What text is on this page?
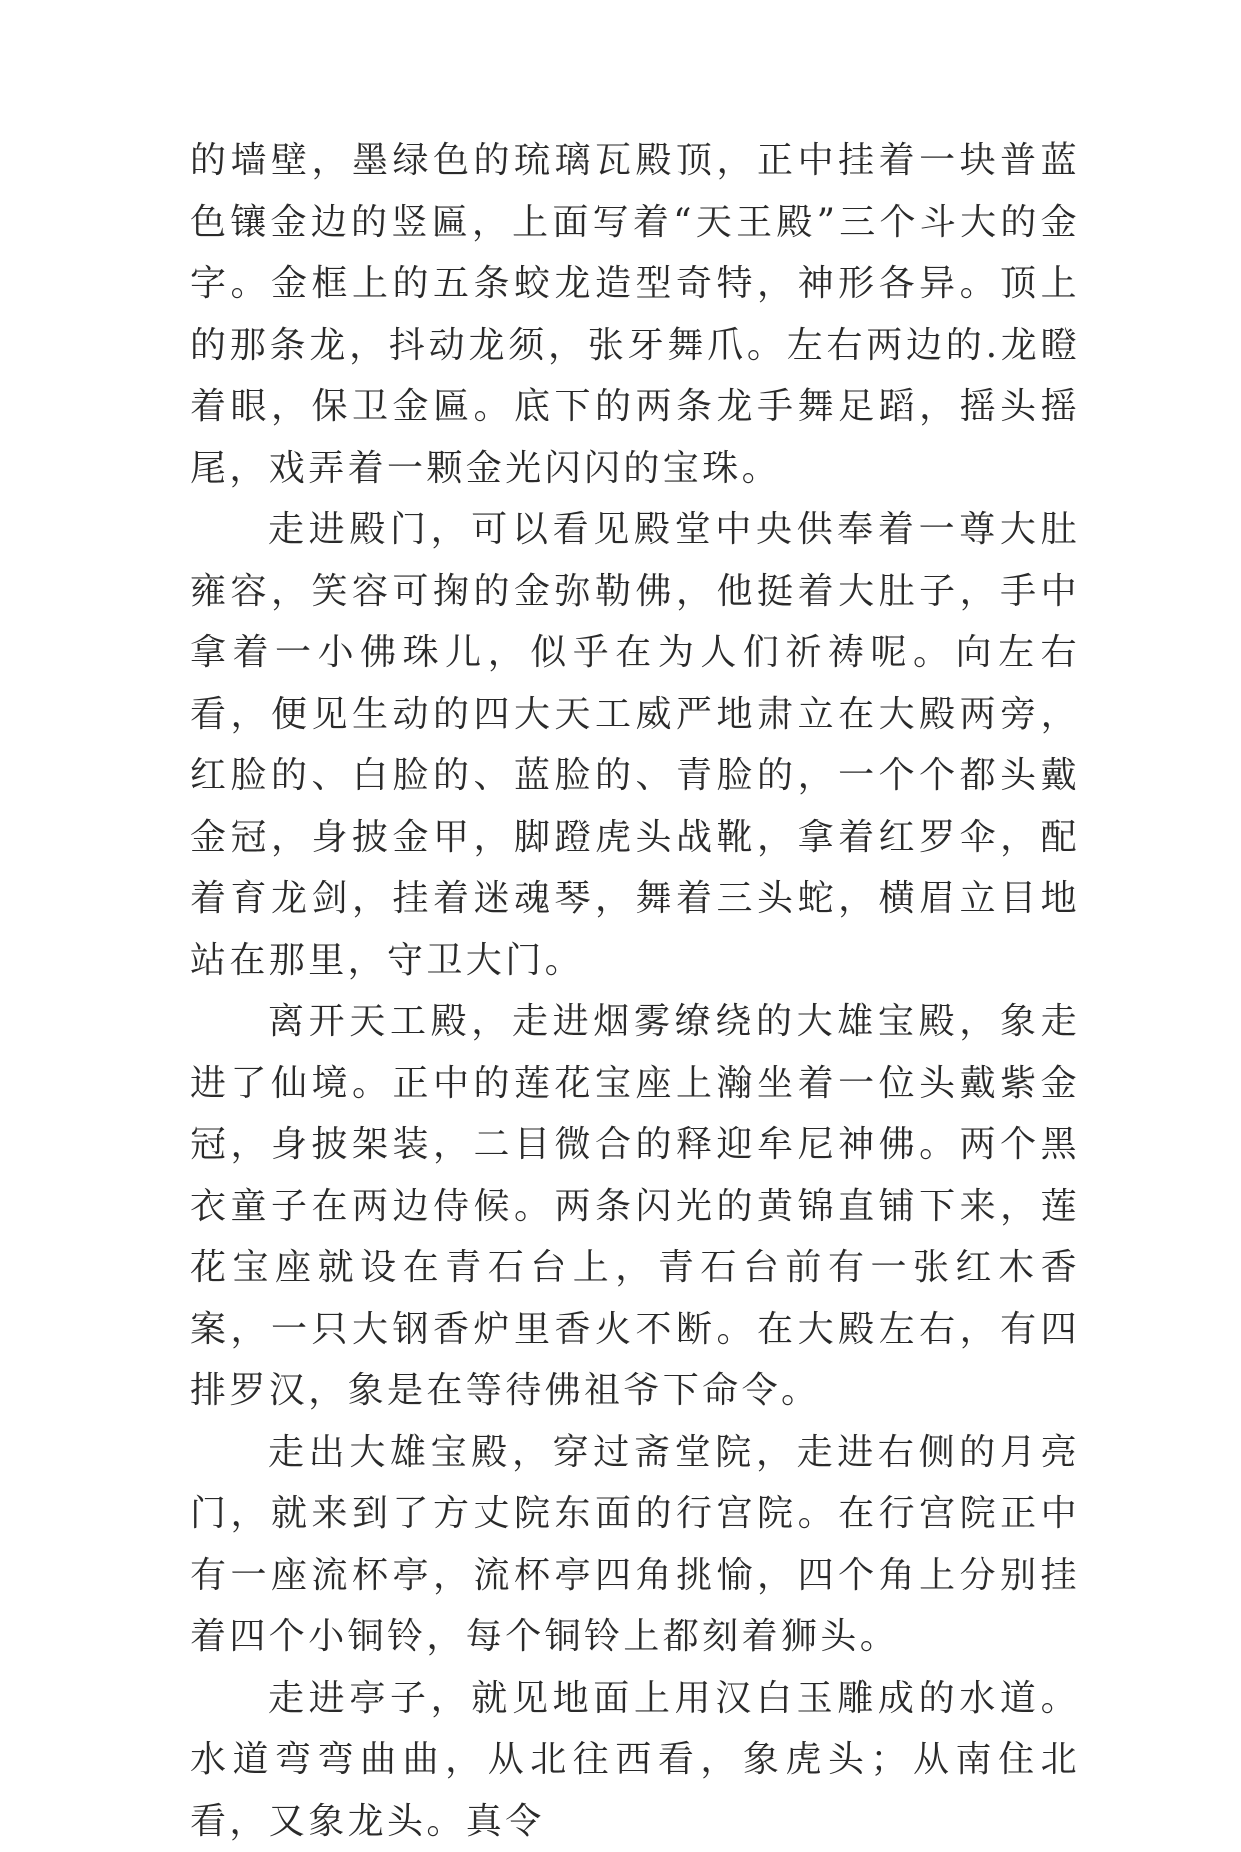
的墙壁，墨绿色的琉璃瓦殿顶，正中挂着一块普蓝色镶金边的竖匾，上面写着“天王殿”三个斗大的金字。金框上的五条蛟龙造型奇特，神形各异。顶上的那条龙，抖动龙须，张牙舞爪。左右两边的.龙瞪着眼，保卫金匾。底下的两条龙手舞足蹈，摇头摇尾，戏弄着一颗金光闪闪的宝珠。

走进殿门，可以看见殿堂中央供奉着一尊大肚雍容，笑容可掬的金弥勒佛，他挺着大肚子，手中拿着一小佛珠儿，似乎在为人们祈祷呢。向左右看，便见生动的四大天工威严地肃立在大殿两旁，红脸的、白脸的、蓝脸的、青脸的，一个个都头戴金冠，身披金甲，脚蹬虎头战靴，拿着红罗伞，配着育龙剑，挂着迷魂琴，舞着三头蛇，横眉立目地站在那里，守卫大门。

离开天工殿，走进烟雾缭绕的大雄宝殿，象走进了仙境。正中的莲花宝座上瀚坐着一位头戴紫金冠，身披架装，二目微合的释迎牟尼神佛。两个黑衣童子在两边侍候。两条闪光的黄锦直铺下来，莲花宝座就设在青石台上，青石台前有一张红木香案，一只大钢香炉里香火不断。在大殿左右，有四排罗汉，象是在等待佛祖爷下命令。

走出大雄宝殿，穿过斋堂院，走进右侧的月亮门，就来到了方丈院东面的行宫院。在行宫院正中有一座流杯亭，流杯亭四角挑愉，四个角上分别挂着四个小铜铃，每个铜铃上都刻着狮头。

走进亭子，就见地面上用汉白玉雕成的水道。水道弯弯曲曲，从北往西看，象虎头；从南住北看，又象龙头。真令
